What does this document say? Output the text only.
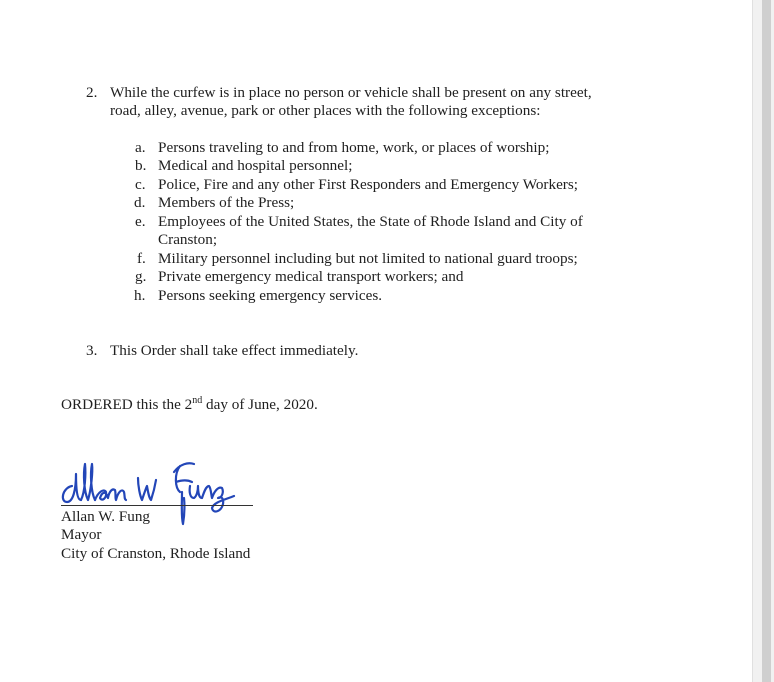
2. While the curfew is in place no person or vehicle shall be present on any street,
road, alley, avenue, park or other places with the following exceptions:
a. Persons traveling to and from home, work, or places of worship;
b. Medical and hospital personnel;
c. Police, Fire and any other First Responders and Emergency Workers;
d. Members of the Press;
e. Employees of the United States, the State of Rhode Island and City of
Cranston;
f. Military personnel including but not limited to national guard troops;
g. Private emergency medical transport workers; and
h. Persons seeking emergency services.
3. This Order shall take effect immediately.
ORDERED this the 2nd day of June, 2020.
Allan W. Fung
Mayor
City of Cranston, Rhode Island
